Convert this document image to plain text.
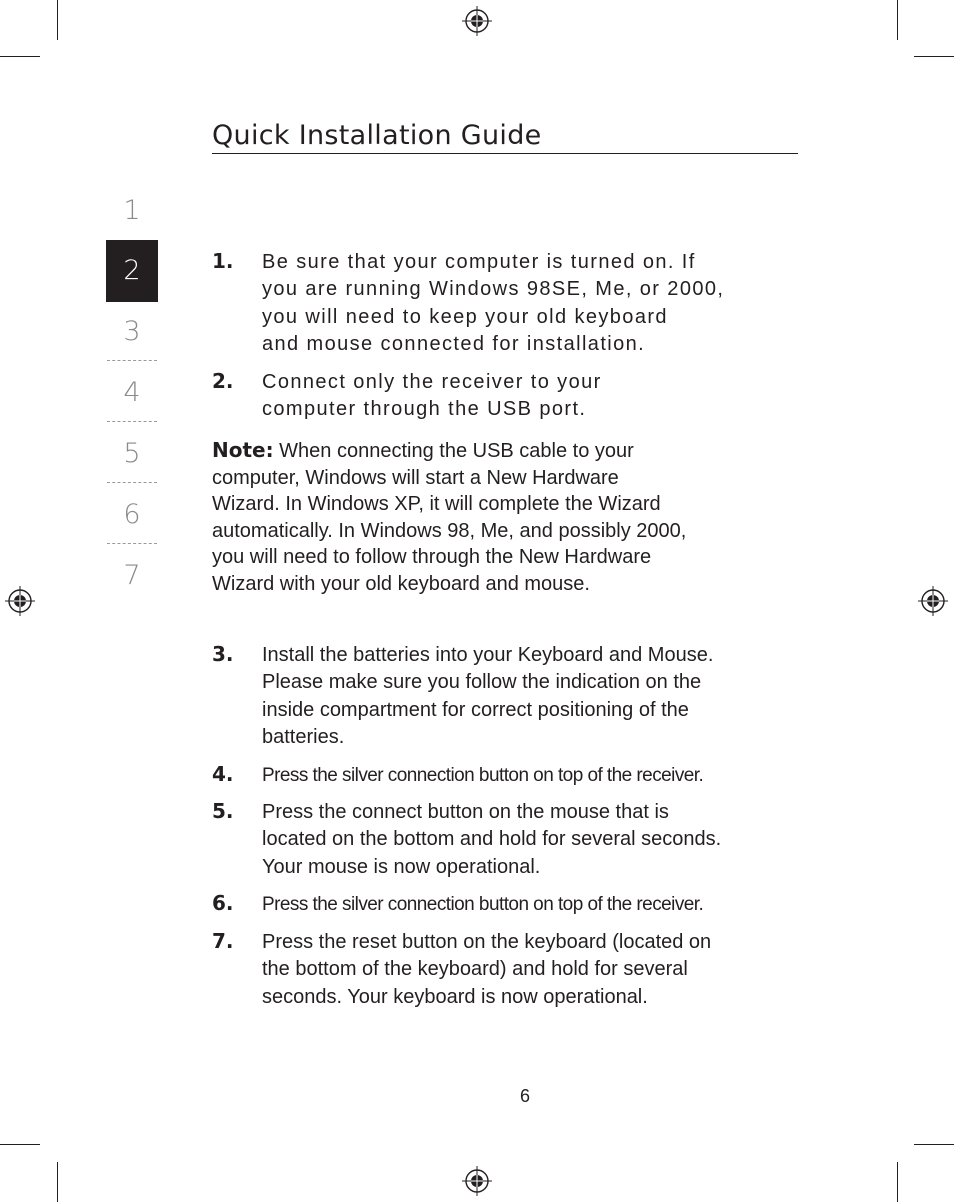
Quick Installation Guide
1
2
3
4
5
6
7
1. Be sure that your computer is turned on. If
you are running Windows 98SE, Me, or 2000,
you will need to keep your old keyboard
and mouse connected for installation.
2. Connect only the receiver to your
computer through the USB port.
Note: When connecting the USB cable to your
computer, Windows will start a New Hardware
Wizard. In Windows XP, it will complete the Wizard
automatically. In Windows 98, Me, and possibly 2000,
you will need to follow through the New Hardware
Wizard with your old keyboard and mouse.
3. Install the batteries into your Keyboard and Mouse.
Please make sure you follow the indication on the
inside compartment for correct positioning of the
batteries.
4. Press the silver connection button on top of the receiver.
5. Press the connect button on the mouse that is
located on the bottom and hold for several seconds.
Your mouse is now operational.
6. Press the silver connection button on top of the receiver.
7. Press the reset button on the keyboard (located on
the bottom of the keyboard) and hold for several
seconds. Your keyboard is now operational.
6
